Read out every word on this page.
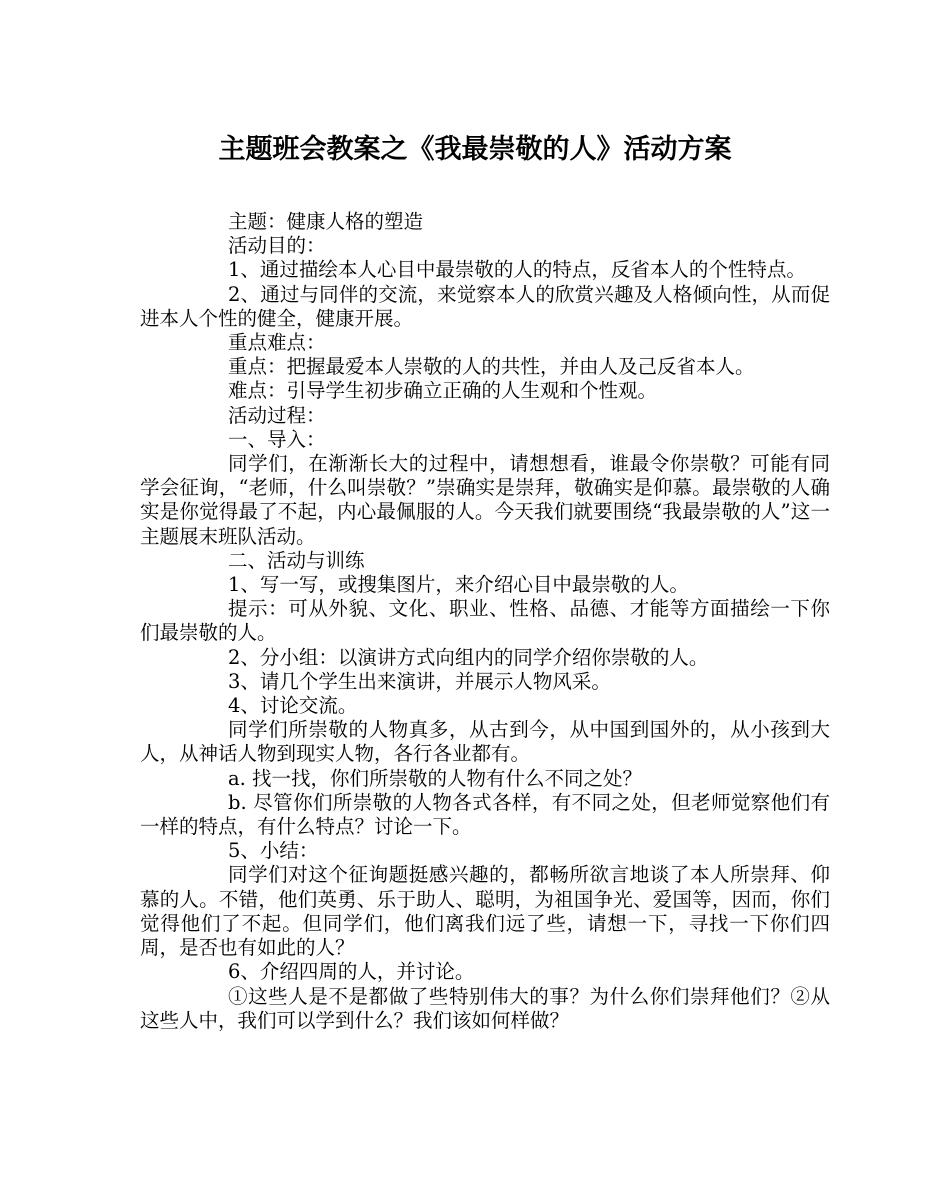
主题班会教案之《我最崇敬的人》活动方案

主题：健康人格的塑造

活动目的：

1、通过描绘本人心目中最崇敬的人的特点，反省本人的个性特点。

2、通过与同伴的交流，来觉察本人的欣赏兴趣及人格倾向性，从而促进本人个性的健全，健康开展。

重点难点：

重点：把握最爱本人崇敬的人的共性，并由人及己反省本人。

难点：引导学生初步确立正确的人生观和个性观。

活动过程：

一、导入：

同学们，在渐渐长大的过程中，请想想看，谁最令你崇敬？可能有同学会征询，“老师，什么叫崇敬？”崇确实是崇拜，敬确实是仰慕。最崇敬的人确实是你觉得最了不起，内心最佩服的人。今天我们就要围绕“我最崇敬的人”这一主题展末班队活动。

二、活动与训练

1、写一写，或搜集图片，来介绍心目中最崇敬的人。

提示：可从外貌、文化、职业、性格、品德、才能等方面描绘一下你们最崇敬的人。

2、分小组：以演讲方式向组内的同学介绍你崇敬的人。

3、请几个学生出来演讲，并展示人物风采。

4、讨论交流。

同学们所崇敬的人物真多，从古到今，从中国到国外的，从小孩到大人，从神话人物到现实人物，各行各业都有。

a. 找一找，你们所崇敬的人物有什么不同之处？

b. 尽管你们所崇敬的人物各式各样，有不同之处，但老师觉察他们有一样的特点，有什么特点？讨论一下。

5、小结：

同学们对这个征询题挺感兴趣的，都畅所欲言地谈了本人所崇拜、仰慕的人。不错，他们英勇、乐于助人、聪明，为祖国争光、爱国等，因而，你们觉得他们了不起。但同学们，他们离我们远了些，请想一下，寻找一下你们四周，是否也有如此的人？

6、介绍四周的人，并讨论。

①这些人是不是都做了些特别伟大的事？为什么你们崇拜他们？②从这些人中，我们可以学到什么？我们该如何样做？
